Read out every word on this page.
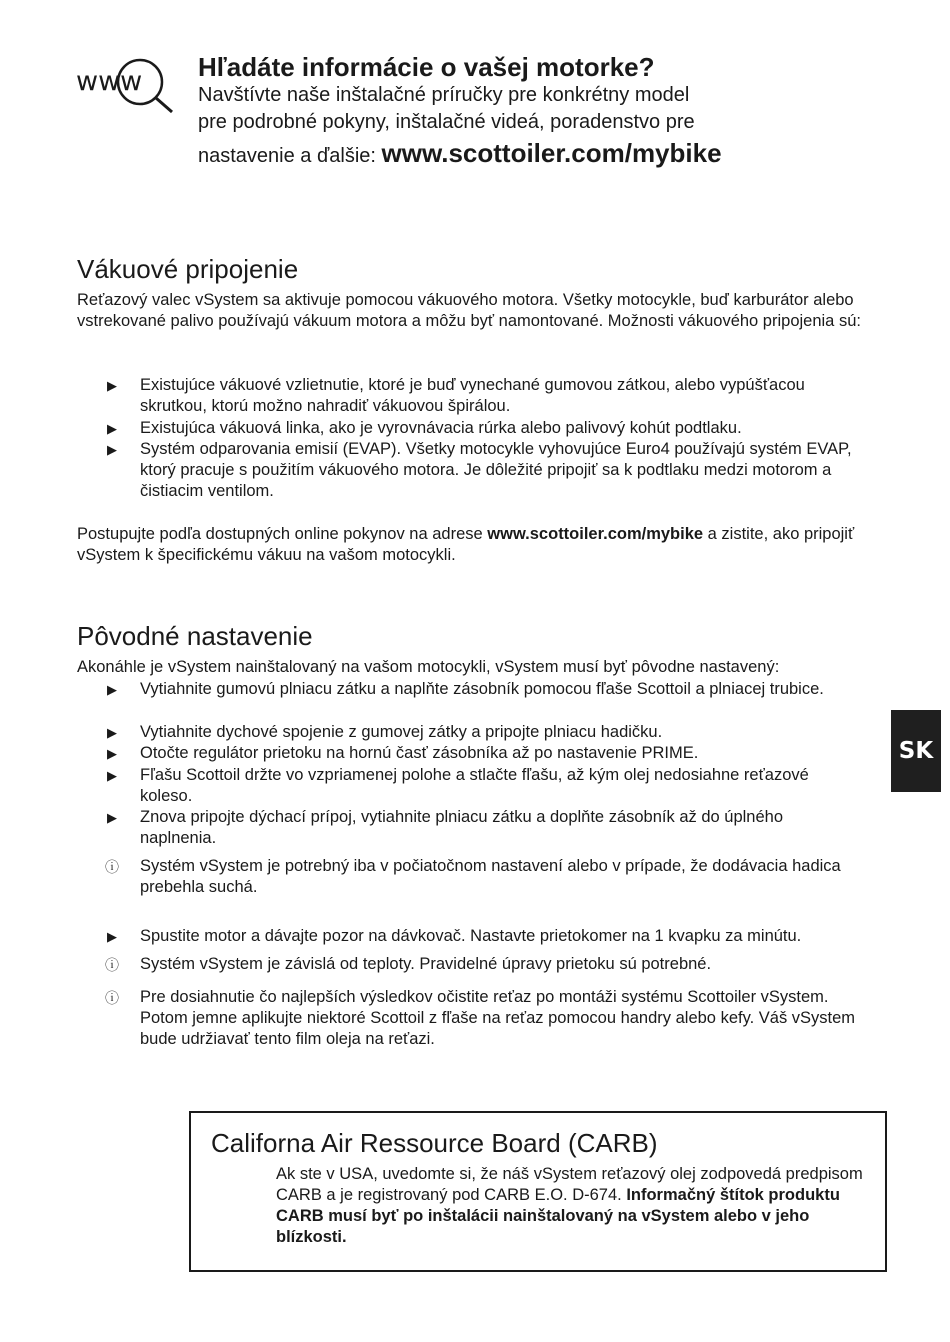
www Hľadáte informácie o vašej motorke?
Navštívte naše inštalačné príručky pre konkrétny model
pre podrobné pokyny, inštalačné videá, poradenstvo pre
nastavenie a ďalšie: www.scottoiler.com/mybike
Vákuové pripojenie
Reťazový valec vSystem sa aktivuje pomocou vákuového motora. Všetky motocykle, buď karburátor alebo vstrekované palivo používajú vákuum motora a môžu byť namontované. Možnosti vákuového pripojenia sú:
▶	Existujúce vákuové vzlietnutie, ktoré je buď vynechané gumovou zátkou, alebo vypúšťacou skrutkou, ktorú možno nahradiť vákuovou špirálou.
▶	Existujúca vákuová linka, ako je vyrovnávacia rúrka alebo palivový kohút podtlaku.
▶	Systém odparovania emisií (EVAP). Všetky motocykle vyhovujúce Euro4 používajú systém EVAP, ktorý pracuje s použitím vákuového motora. Je dôležité pripojiť sa k podtlaku medzi motorom a čistiacim ventilom.
Postupujte podľa dostupných online pokynov na adrese www.scottoiler.com/mybike a zistite, ako pripojiť vSystem k špecifickému vákuu na vašom motocykli.
Pôvodné nastavenie
Akonáhle je vSystem nainštalovaný na vašom motocykli, vSystem musí byť pôvodne nastavený:
▶	Vytiahnite gumovú plniacu zátku a naplňte zásobník pomocou fľaše Scottoil a plniacej trubice.
▶	Vytiahnite dychové spojenie z gumovej zátky a pripojte plniacu hadičku.
▶	Otočte regulátor prietoku na hornú časť zásobníka až po nastavenie PRIME.
▶	Fľašu Scottoil držte vo vzpriamenej polohe a stlačte fľašu, až kým olej nedosiahne reťazové koleso.
▶	Znova pripojte dýchací prípoj, vytiahnite plniacu zátku a doplňte zásobník až do úplného naplnenia.
ⓘ Systém vSystem je potrebný iba v počiatočnom nastavení alebo v prípade, že dodávacia hadica prebehla suchá.
▶	Spustite motor a dávajte pozor na dávkovač. Nastavte prietokomer na 1 kvapku za minútu.
ⓘ Systém vSystem je závislá od teploty. Pravidelné úpravy prietoku sú potrebné.
ⓘ Pre dosiahnutie čo najlepších výsledkov očistite reťaz po montáži systému Scottoiler vSystem. Potom jemne aplikujte niektoré Scottoil z fľaše na reťaz pomocou handry alebo kefy. Váš vSystem bude udržiavať tento film oleja na reťazi.
SK
Californa Air Ressource Board (CARB)
Ak ste v USA, uvedomte si, že náš vSystem reťazový olej zodpovedá predpisom CARB a je registrovaný pod CARB E.O. D-674. Informačný štítok produktu CARB musí byť po inštalácii nainštalovaný na vSystem alebo v jeho blízkosti.
